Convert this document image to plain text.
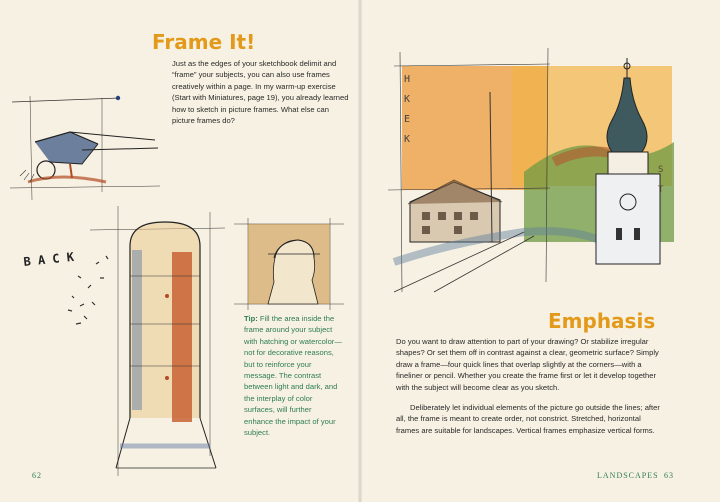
Frame It!
Just as the edges of your sketchbook delimit and “frame” your subjects, you can also use frames creatively within a page. In my warm-up exercise (Start with Miniatures, page 19), you already learned how to sketch in picture frames. What else can picture frames do?
B A C K
Tip: Fill the area inside the frame around your subject with hatching or watercolor—not for decorative reasons, but to reinforce your message. The contrast between light and dark, and the interplay of color surfaces, will further enhance the impact of your subject.
62
H
K
E
K
S
T
Emphasis
Do you want to draw attention to part of your drawing? Or stabilize irregular shapes? Or set them off in contrast against a clear, geometric surface? Simply draw a frame—four quick lines that overlap slightly at the corners—with a fineliner or pencil. Whether you create the frame first or let it develop together with the subject will become clear as you sketch.
Deliberately let individual elements of the picture go outside the lines; after all, the frame is meant to create order, not constrict. Stretched, horizontal frames are suitable for landscapes. Vertical frames emphasize vertical forms.
LANDSCAPES 63
